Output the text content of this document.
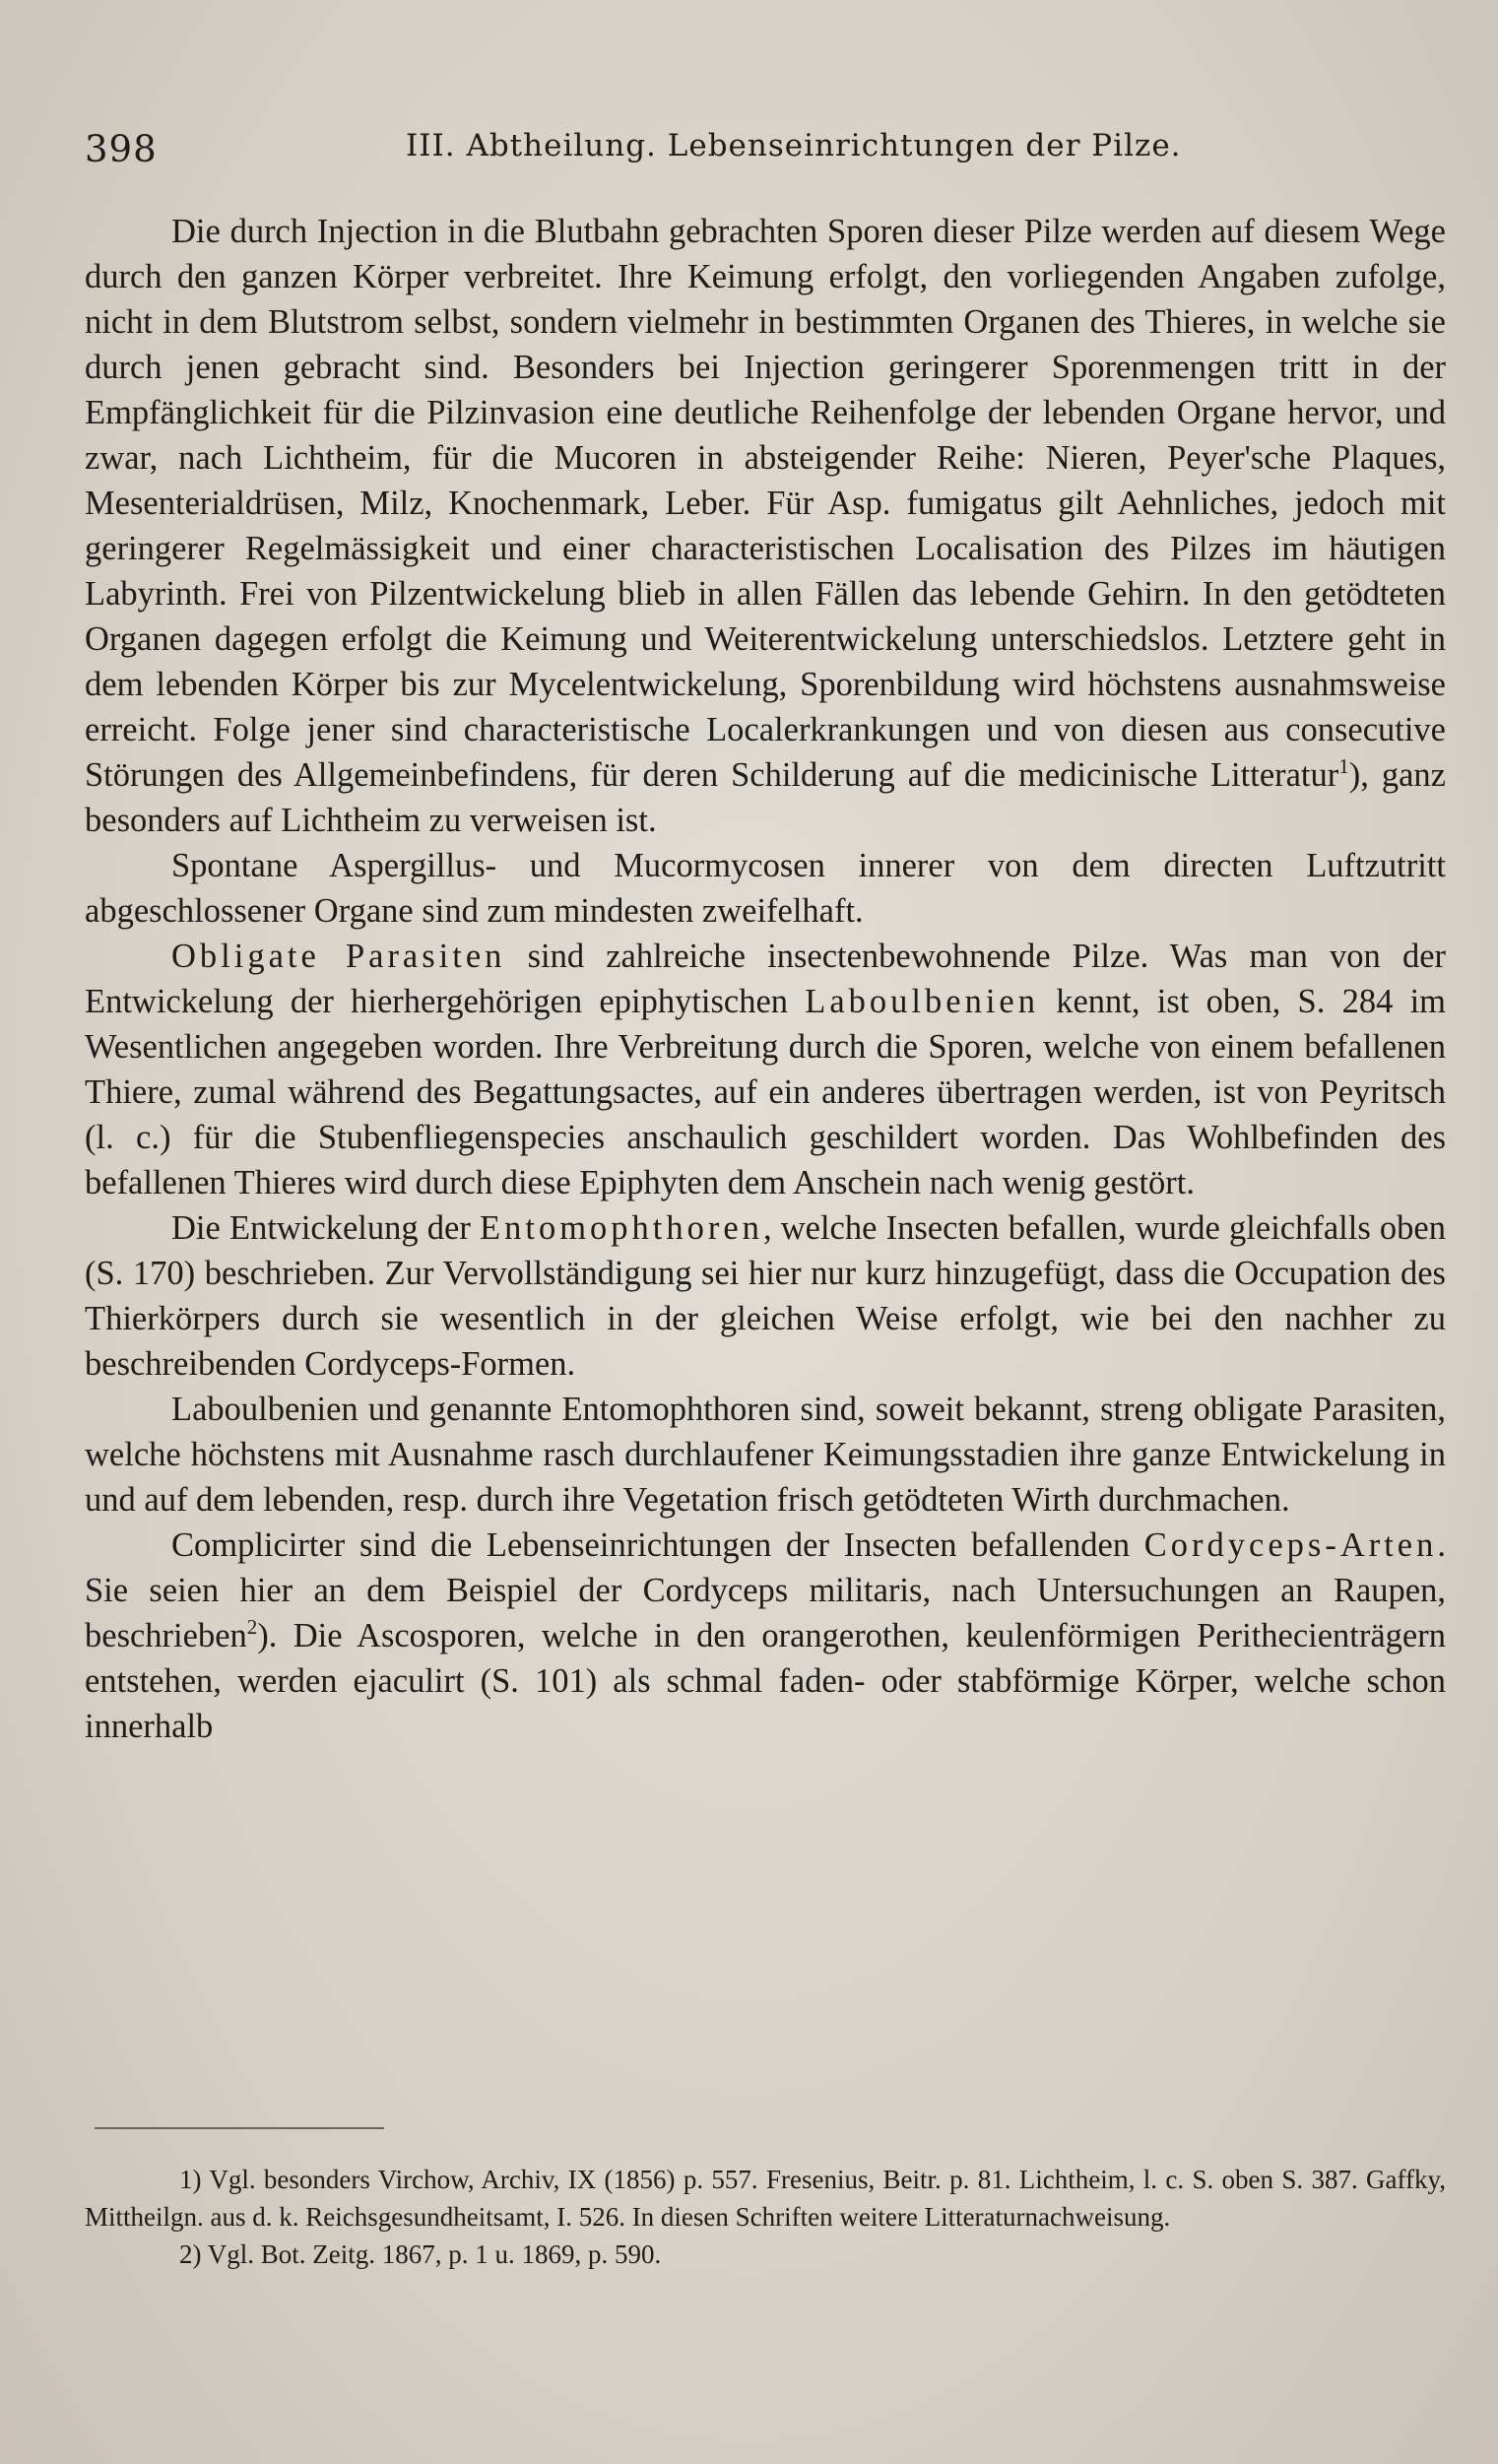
398	III. Abtheilung. Lebenseinrichtungen der Pilze.

Die durch Injection in die Blutbahn gebrachten Sporen dieser Pilze werden auf diesem Wege durch den ganzen Körper verbreitet. Ihre Keimung erfolgt, den vorliegenden Angaben zufolge, nicht in dem Blutstrom selbst, sondern vielmehr in bestimmten Organen des Thieres, in welche sie durch jenen gebracht sind. Besonders bei Injection geringerer Sporenmengen tritt in der Empfänglichkeit für die Pilzinvasion eine deutliche Reihenfolge der lebenden Organe hervor, und zwar, nach Lichtheim, für die Mucoren in absteigender Reihe: Nieren, Peyer'sche Plaques, Mesenterialdrüsen, Milz, Knochenmark, Leber. Für Asp. fumigatus gilt Aehnliches, jedoch mit geringerer Regelmässigkeit und einer characteristischen Localisation des Pilzes im häutigen Labyrinth. Frei von Pilzentwickelung blieb in allen Fällen das lebende Gehirn. In den getödteten Organen dagegen erfolgt die Keimung und Weiterentwickelung unterschiedslos. Letztere geht in dem lebenden Körper bis zur Mycelentwickelung, Sporenbildung wird höchstens ausnahmsweise erreicht. Folge jener sind characteristische Localerkrankungen und von diesen aus consecutive Störungen des Allgemeinbefindens, für deren Schilderung auf die medicinische Litteratur$^1$), ganz besonders auf Lichtheim zu verweisen ist.

Spontane Aspergillus- und Mucormycosen innerer von dem directen Luftzutritt abgeschlossener Organe sind zum mindesten zweifelhaft.

Obligate Parasiten sind zahlreiche insectenbewohnende Pilze. Was man von der Entwickelung der hierhergehörigen epiphytischen Laboulbenien kennt, ist oben, S. 284 im Wesentlichen angegeben worden. Ihre Verbreitung durch die Sporen, welche von einem befallenen Thiere, zumal während des Begattungsactes, auf ein anderes übertragen werden, ist von Peyritsch (l. c.) für die Stubenfliegenspecies anschaulich geschildert worden. Das Wohlbefinden des befallenen Thieres wird durch diese Epiphyten dem Anschein nach wenig gestört.

Die Entwickelung der Entomophthoren, welche Insecten befallen, wurde gleichfalls oben (S. 170) beschrieben. Zur Vervollständigung sei hier nur kurz hinzugefügt, dass die Occupation des Thierkörpers durch sie wesentlich in der gleichen Weise erfolgt, wie bei den nachher zu beschreibenden Cordyceps-Formen.

Laboulbenien und genannte Entomophthoren sind, soweit bekannt, streng obligate Parasiten, welche höchstens mit Ausnahme rasch durchlaufener Keimungsstadien ihre ganze Entwickelung in und auf dem lebenden, resp. durch ihre Vegetation frisch getödteten Wirth durchmachen.

Complicirter sind die Lebenseinrichtungen der Insecten befallenden Cordyceps-Arten. Sie seien hier an dem Beispiel der Cordyceps militaris, nach Untersuchungen an Raupen, beschrieben$^2$). Die Ascosporen, welche in den orangerothen, keulenförmigen Perithecienträgern entstehen, werden ejaculirt (S. 101) als schmal faden- oder stabförmige Körper, welche schon innerhalb

1) Vgl. besonders Virchow, Archiv, IX (1856) p. 557. Fresenius, Beitr. p. 81. Lichtheim, l. c. S. oben S. 387. Gaffky, Mittheilgn. aus d. k. Reichsgesundheitsamt, I. 526. In diesen Schriften weitere Litteraturnachweisung.

2) Vgl. Bot. Zeitg. 1867, p. 1 u. 1869, p. 590.
